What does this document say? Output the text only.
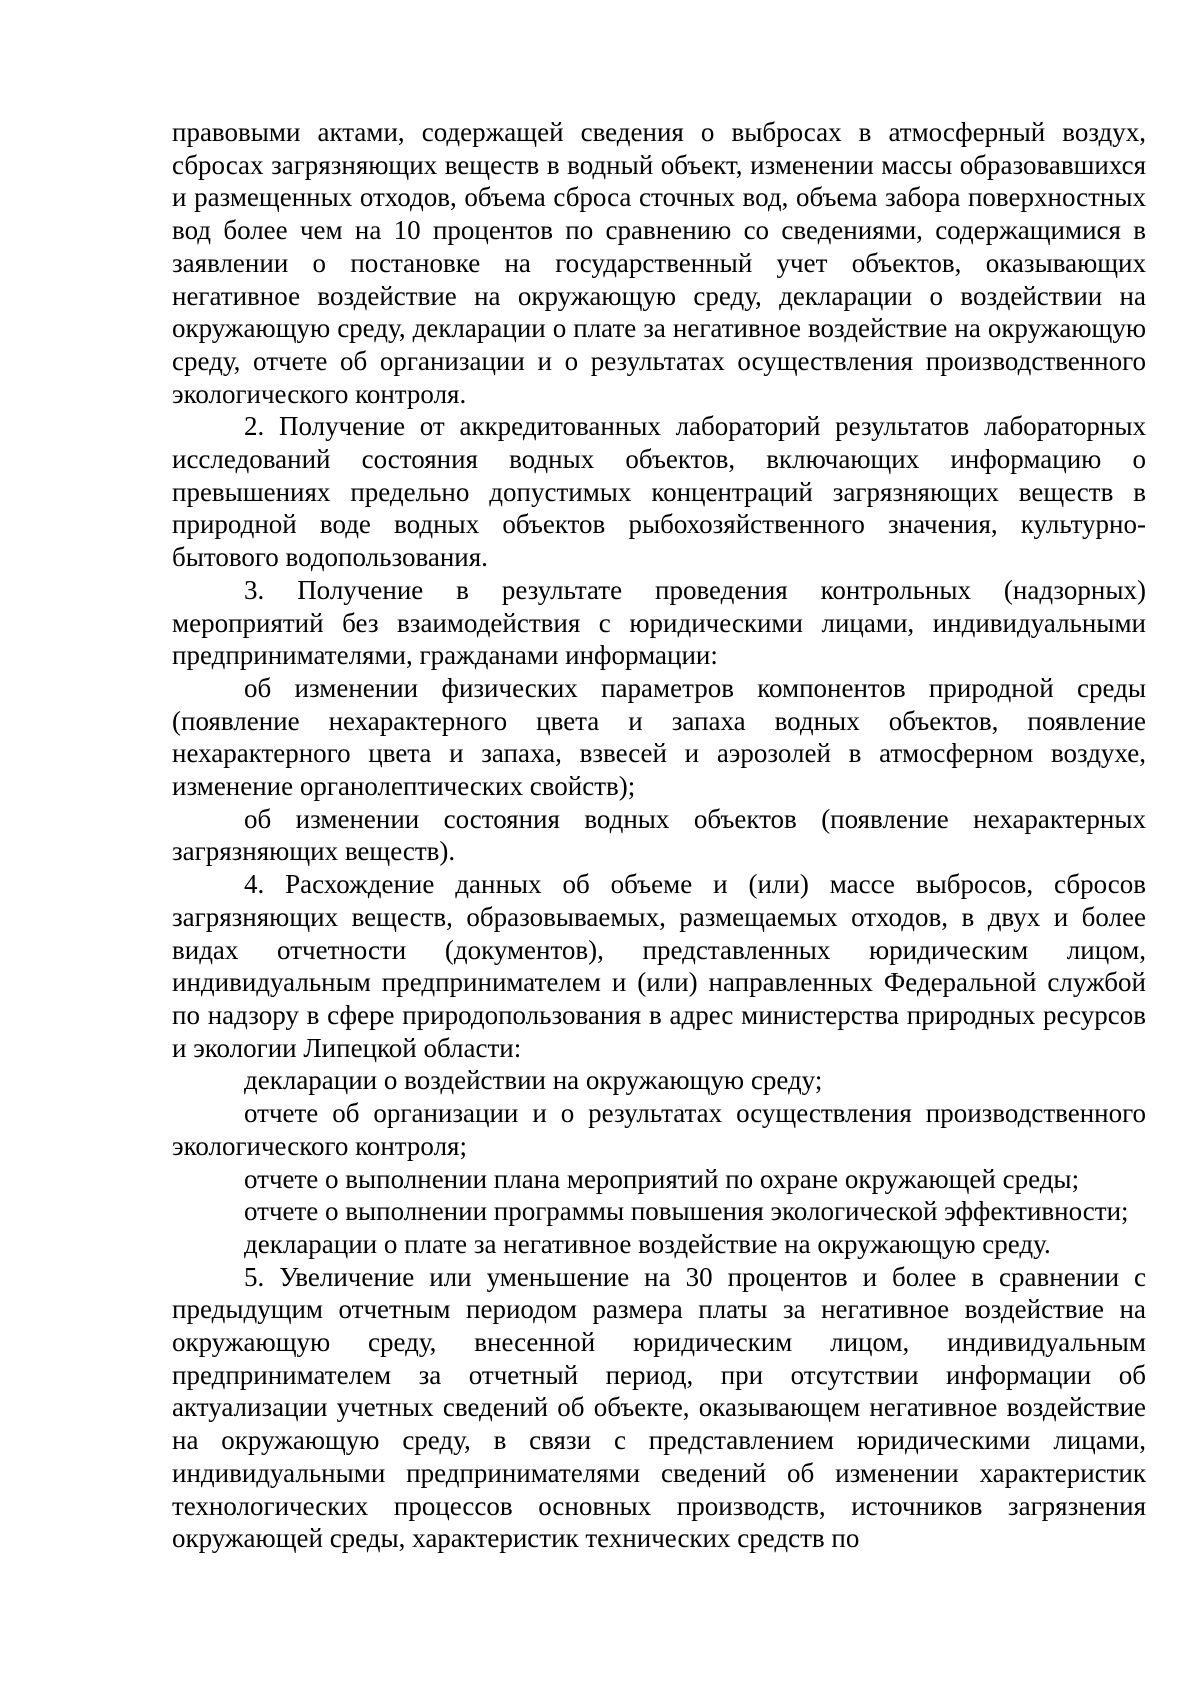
правовыми актами, содержащей сведения о выбросах в атмосферный воздух, сбросах загрязняющих веществ в водный объект, изменении массы образовавшихся и размещенных отходов, объема сброса сточных вод, объема забора поверхностных вод более чем на 10 процентов по сравнению со сведениями, содержащимися в заявлении о постановке на государственный учет объектов, оказывающих негативное воздействие на окружающую среду, декларации о воздействии на окружающую среду, декларации о плате за негативное воздействие на окружающую среду, отчете об организации и о результатах осуществления производственного экологического контроля.

2. Получение от аккредитованных лабораторий результатов лабораторных исследований состояния водных объектов, включающих информацию о превышениях предельно допустимых концентраций загрязняющих веществ в природной воде водных объектов рыбохозяйственного значения, культурно-бытового водопользования.

3. Получение в результате проведения контрольных (надзорных) мероприятий без взаимодействия с юридическими лицами, индивидуальными предпринимателями, гражданами информации:

об изменении физических параметров компонентов природной среды (появление нехарактерного цвета и запаха водных объектов, появление нехарактерного цвета и запаха, взвесей и аэрозолей в атмосферном воздухе, изменение органолептических свойств);

об изменении состояния водных объектов (появление нехарактерных загрязняющих веществ).

4. Расхождение данных об объеме и (или) массе выбросов, сбросов загрязняющих веществ, образовываемых, размещаемых отходов, в двух и более видах отчетности (документов), представленных юридическим лицом, индивидуальным предпринимателем и (или) направленных Федеральной службой по надзору в сфере природопользования в адрес министерства природных ресурсов и экологии Липецкой области:

декларации о воздействии на окружающую среду;

отчете об организации и о результатах осуществления производственного экологического контроля;

отчете о выполнении плана мероприятий по охране окружающей среды;

отчете о выполнении программы повышения экологической эффективности;

декларации о плате за негативное воздействие на окружающую среду.

5. Увеличение или уменьшение на 30 процентов и более в сравнении с предыдущим отчетным периодом размера платы за негативное воздействие на окружающую среду, внесенной юридическим лицом, индивидуальным предпринимателем за отчетный период, при отсутствии информации об актуализации учетных сведений об объекте, оказывающем негативное воздействие на окружающую среду, в связи с представлением юридическими лицами, индивидуальными предпринимателями сведений об изменении характеристик технологических процессов основных производств, источников загрязнения окружающей среды, характеристик технических средств по
